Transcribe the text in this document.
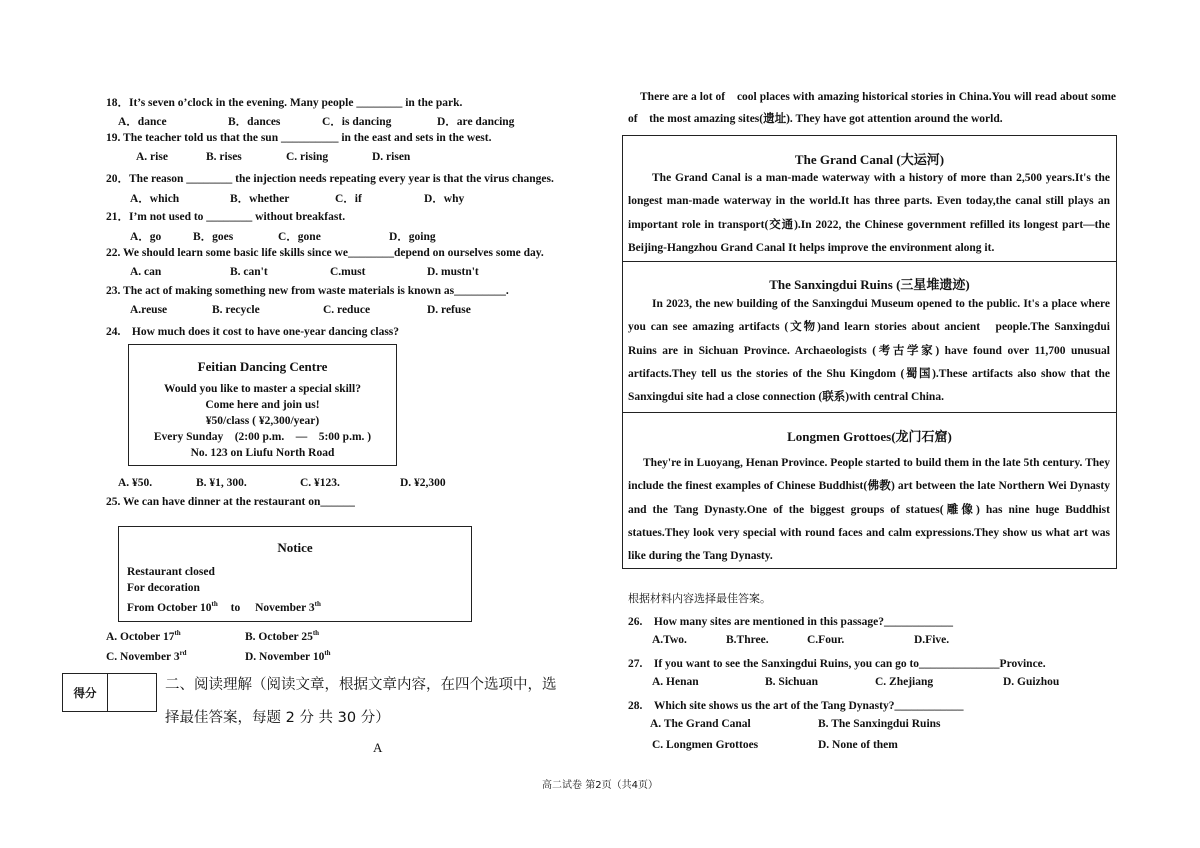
18．It’s seven o’clock in the evening. Many people ________ in the park.
A．dance	B．dances	C．is dancing	D．are dancing
19. The teacher told us that the sun __________ in the east and sets in the west.
A. rise	B. rises	C. rising	D. risen
20．The reason ________ the injection needs repeating every year is that the virus changes.
A．which	B．whether	C．if	D．why
21．I’m not used to ________ without breakfast.
A．go	B．goes	C．gone	D．going
22. We should learn some basic life skills since we________depend on ourselves some day.
A. can	B. can't	C.must	D. mustn't
23. The act of making something new from waste materials is known as_________.
A.reuse	B. recycle	C. reduce	D. refuse
24.　How much does it cost to have one-year dancing class?
Feitian Dancing Centre
Would you like to master a special skill?
Come here and join us!
¥50/class ( ¥2,300/year)
Every Sunday　(2:00 p.m.　—　5:00 p.m. )
No. 123 on Liufu North Road
A. ¥50.	B. ¥1, 300.	C. ¥123.	D. ¥2,300
25. We can have dinner at the restaurant on______
Notice
Restaurant closed
For decoration
From October 10th to November 3th
A. October 17th	B. October 25th
C. November 3rd	D. November 10th
得分
二、阅读理解（阅读文章，根据文章内容，在四个选项中，选
择最佳答案，每题 2 分 共 30 分）
A
There are a lot of　cool places with amazing historical stories in China.You will read about some of　the most amazing sites(遗址). They have got attention around the world.
The Grand Canal (大运河)
The Grand Canal is a man-made waterway with a history of more than 2,500 years.It's the longest man-made waterway in the world.It has three parts. Even today,the canal still plays an important role in transport(交通).In 2022, the Chinese government refilled its longest part—the Beijing-Hangzhou Grand Canal It helps improve the environment along it.
The Sanxingdui Ruins (三星堆遗迹)
In 2023, the new building of the Sanxingdui Museum opened to the public. It's a place where you can see amazing artifacts (文物)and learn stories about ancient　people.The Sanxingdui Ruins are in Sichuan Province. Archaeologists (考古学家) have found over 11,700 unusual artifacts.They tell us the stories of the Shu Kingdom (蜀国).These artifacts also show that the Sanxingdui site had a close connection (联系)with central China.
Longmen Grottoes(龙门石窟)
They're in Luoyang, Henan Province. People started to build them in the late 5th century. They include the finest examples of Chinese Buddhist(佛教) art between the late Northern Wei Dynasty and the Tang Dynasty.One of the biggest groups of statues(雕像) has nine huge Buddhist statues.They look very special with round faces and calm expressions.They show us what art was like during the Tang Dynasty.
根据材料内容选择最佳答案。
26.　How many sites are mentioned in this passage?____________
A.Two.	B.Three.	C.Four.	D.Five.
27.　If you want to see the Sanxingdui Ruins, you can go to______________Province.
A. Henan	B. Sichuan	C. Zhejiang	D. Guizhou
28.　Which site shows us the art of the Tang Dynasty?____________
A. The Grand Canal	B. The Sanxingdui Ruins
C. Longmen Grottoes	D. None of them
高二试卷 第2页（共4页）
